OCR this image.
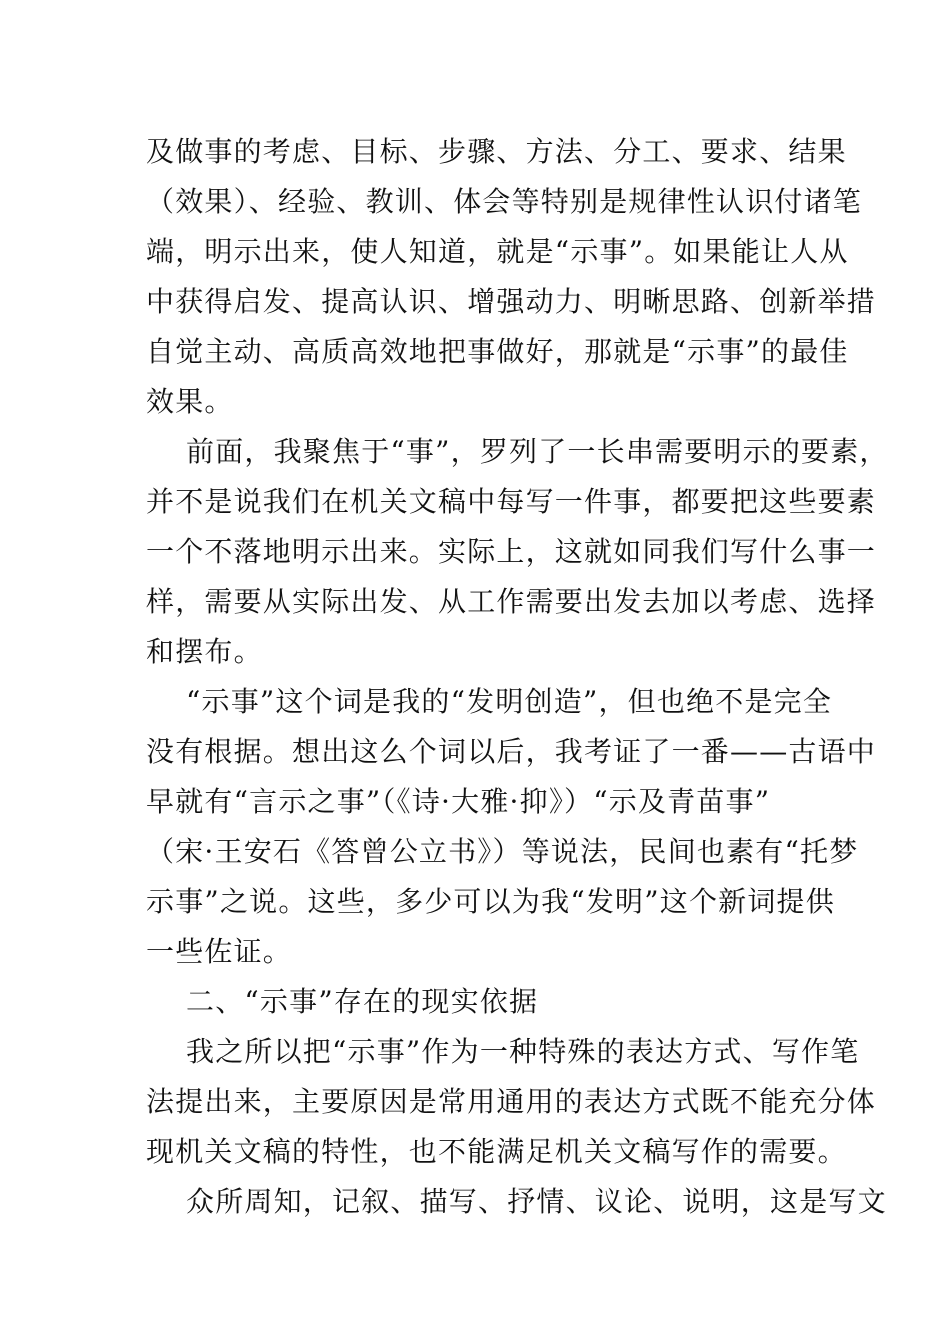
及做事的考虑、目标、步骤、方法、分工、要求、结果

（效果）、经验、教训、体会等特别是规律性认识付诸笔

端，明示出来，使人知道，就是“示事”。如果能让人从

中获得启发、提高认识、增强动力、明晰思路、创新举措

自觉主动、高质高效地把事做好，那就是“示事”的最佳

效果。

前面，我聚焦于“事”，罗列了一长串需要明示的要素，

并不是说我们在机关文稿中每写一件事，都要把这些要素

一个不落地明示出来。实际上，这就如同我们写什么事一

样，需要从实际出发、从工作需要出发去加以考虑、选择

和摆布。

“示事”这个词是我的“发明创造”，但也绝不是完全

没有根据。想出这么个词以后，我考证了一番——古语中

早就有“言示之事”（《诗·大雅·抑》）“示及青苗事”

（宋·王安石《答曾公立书》）等说法，民间也素有“托梦

示事”之说。这些，多少可以为我“发明”这个新词提供

一些佐证。

二、“示事”存在的现实依据

我之所以把“示事”作为一种特殊的表达方式、写作笔

法提出来，主要原因是常用通用的表达方式既不能充分体

现机关文稿的特性，也不能满足机关文稿写作的需要。

众所周知，记叙、描写、抒情、议论、说明，这是写文
